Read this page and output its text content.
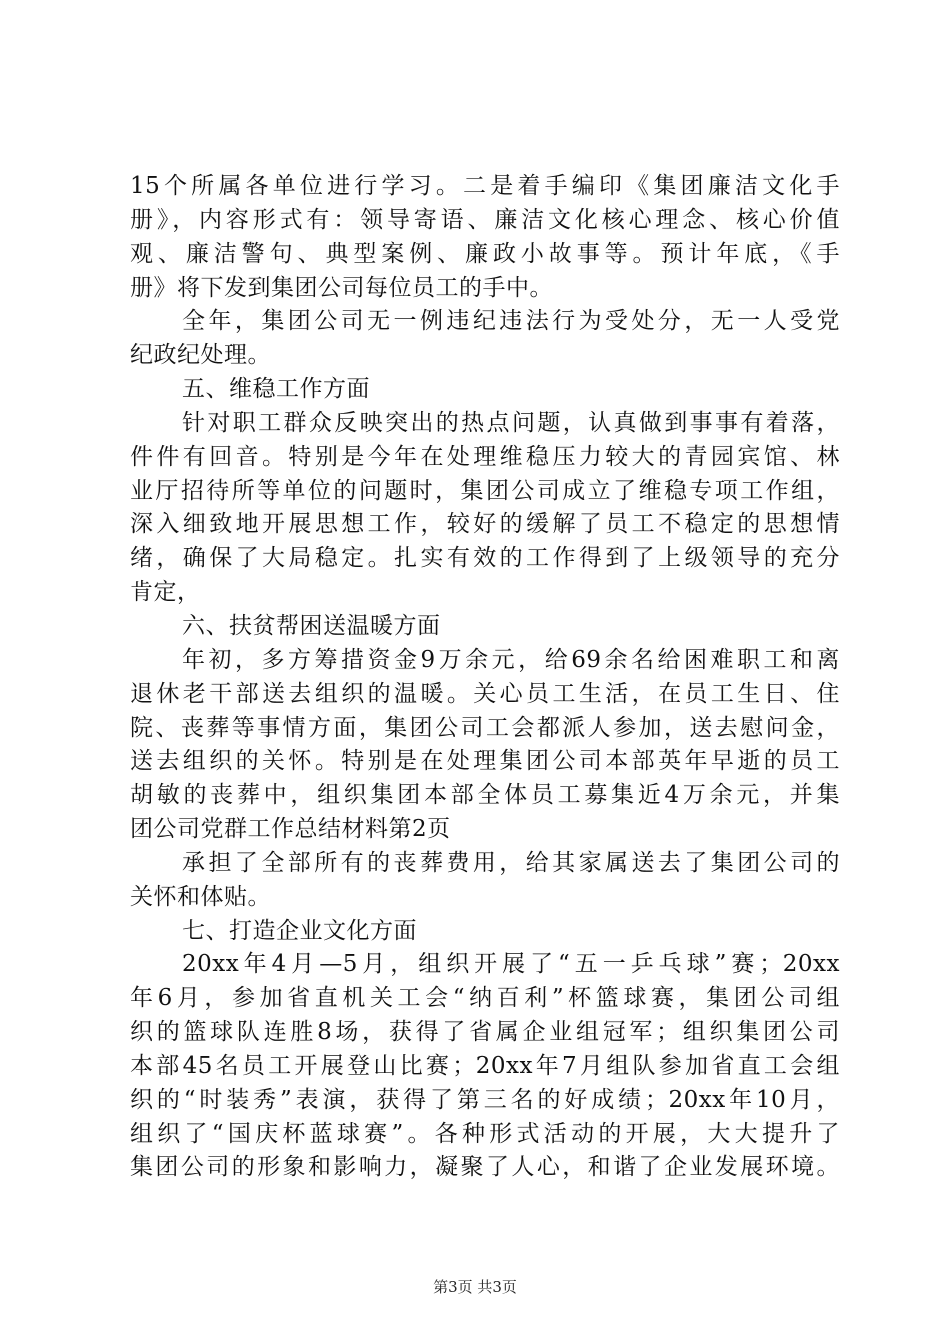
15个所属各单位进行学习。二是着手编印《集团廉洁文化手
册》，内容形式有：领导寄语、廉洁文化核心理念、核心价值
观、廉洁警句、典型案例、廉政小故事等。预计年底，《手
册》将下发到集团公司每位员工的手中。
全年，集团公司无一例违纪违法行为受处分，无一人受党
纪政纪处理。
五、维稳工作方面
针对职工群众反映突出的热点问题，认真做到事事有着落，
件件有回音。特别是今年在处理维稳压力较大的青园宾馆、林
业厅招待所等单位的问题时，集团公司成立了维稳专项工作组，
深入细致地开展思想工作，较好的缓解了员工不稳定的思想情
绪，确保了大局稳定。扎实有效的工作得到了上级领导的充分
肯定，
六、扶贫帮困送温暖方面
年初，多方筹措资金9万余元，给69余名给困难职工和离
退休老干部送去组织的温暖。关心员工生活，在员工生日、住
院、丧葬等事情方面，集团公司工会都派人参加，送去慰问金，
送去组织的关怀。特别是在处理集团公司本部英年早逝的员工
胡敏的丧葬中，组织集团本部全体员工募集近4万余元，并集
团公司党群工作总结材料第2页
承担了全部所有的丧葬费用，给其家属送去了集团公司的
关怀和体贴。
七、打造企业文化方面
20xx年4月—5月，组织开展了“五一乒乓球”赛；20xx
年6月，参加省直机关工会“纳百利”杯篮球赛，集团公司组
织的篮球队连胜8场，获得了省属企业组冠军；组织集团公司
本部45名员工开展登山比赛；20xx年7月组队参加省直工会组
织的“时装秀”表演，获得了第三名的好成绩；20xx年10月，
组织了“国庆杯蓝球赛”。各种形式活动的开展，大大提升了
集团公司的形象和影响力，凝聚了人心，和谐了企业发展环境。
第3页 共3页
